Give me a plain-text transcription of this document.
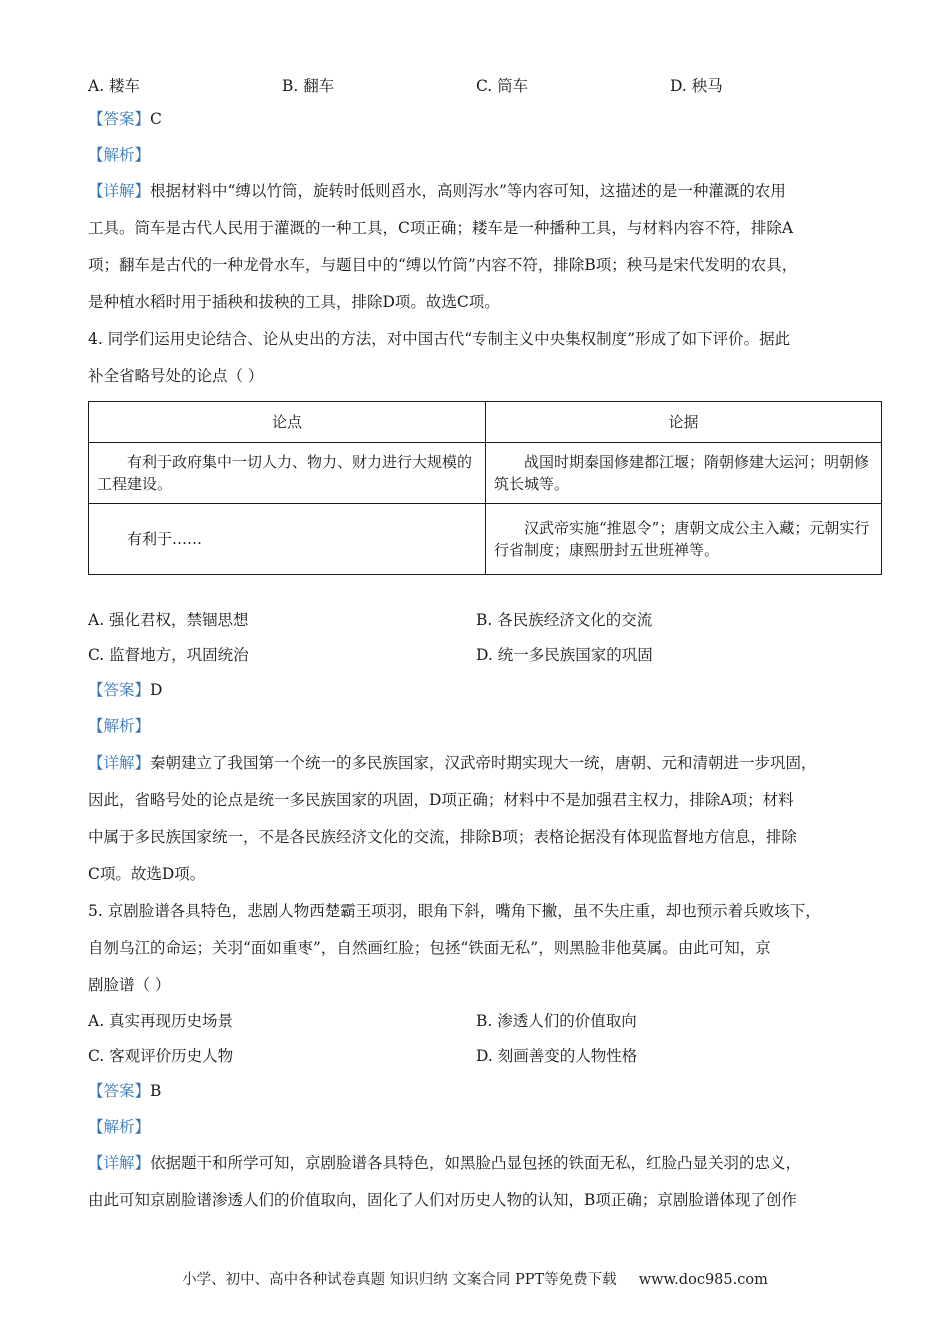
A. 耧车	B. 翻车	C. 筒车	D. 秧马
【答案】C
【解析】
【详解】根据材料中“缚以竹筒，旋转时低则舀水，高则泻水”等内容可知，这描述的是一种灌溉的农用
工具。筒车是古代人民用于灌溉的一种工具，C项正确；耧车是一种播种工具，与材料内容不符，排除A
项；翻车是古代的一种龙骨水车，与题目中的“缚以竹筒”内容不符，排除B项；秧马是宋代发明的农具，
是种植水稻时用于插秧和拔秧的工具，排除D项。故选C项。
4. 同学们运用史论结合、论从史出的方法，对中国古代“专制主义中央集权制度”形成了如下评价。据此
补全省略号处的论点（ ）
论点	论据
有利于政府集中一切人力、物力、财力进行大规模的工程建设。	战国时期秦国修建都江堰；隋朝修建大运河；明朝修筑长城等。
有利于……	汉武帝实施“推恩令”；唐朝文成公主入藏；元朝实行行省制度；康熙册封五世班禅等。
A. 强化君权，禁锢思想	B. 各民族经济文化的交流
C. 监督地方，巩固统治	D. 统一多民族国家的巩固
【答案】D
【解析】
【详解】秦朝建立了我国第一个统一的多民族国家，汉武帝时期实现大一统，唐朝、元和清朝进一步巩固，
因此，省略号处的论点是统一多民族国家的巩固，D项正确；材料中不是加强君主权力，排除A项；材料
中属于多民族国家统一，不是各民族经济文化的交流，排除B项；表格论据没有体现监督地方信息，排除
C项。故选D项。
5. 京剧脸谱各具特色，悲剧人物西楚霸王项羽，眼角下斜，嘴角下撇，虽不失庄重，却也预示着兵败垓下，
自刎乌江的命运；关羽“面如重枣”，自然画红脸；包拯“铁面无私”，则黑脸非他莫属。由此可知，京
剧脸谱（ ）
A. 真实再现历史场景	B. 渗透人们的价值取向
C. 客观评价历史人物	D. 刻画善变的人物性格
【答案】B
【解析】
【详解】依据题干和所学可知，京剧脸谱各具特色，如黑脸凸显包拯的铁面无私，红脸凸显关羽的忠义，
由此可知京剧脸谱渗透人们的价值取向，固化了人们对历史人物的认知，B项正确；京剧脸谱体现了创作
小学、初中、高中各种试卷真题 知识归纳 文案合同 PPT等免费下载 www.doc985.com
